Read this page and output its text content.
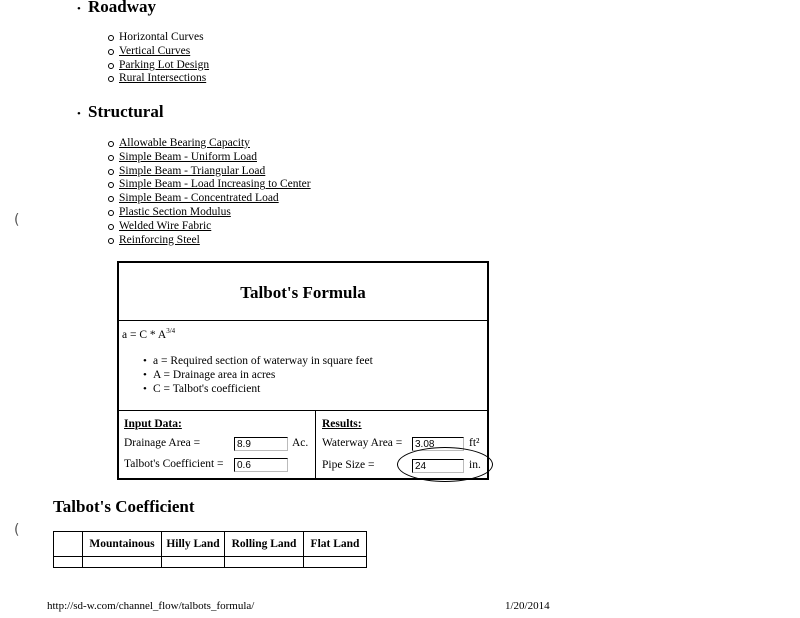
• Roadway
Horizontal Curves
Vertical Curves
Parking Lot Design
Rural Intersections
• Structural
Allowable Bearing Capacity
Simple Beam - Uniform Load
Simple Beam - Triangular Load
Simple Beam - Load Increasing to Center
Simple Beam - Concentrated Load
Plastic Section Modulus
Welded Wire Fabric
Reinforcing Steel
(
Talbot's Formula
$a = C * A^{3/4}$
• a = Required section of waterway in square feet
• A = Drainage area in acres
• C = Talbot's coefficient
Input Data:
Drainage Area =	8.9	Ac.
Talbot's Coefficient =	0.6
Results:
Waterway Area =	3.08	ft²
Pipe Size =	24	in.
Talbot's Coefficient
(
	Mountainous	Hilly Land	Rolling Land	Flat Land

http://sd-w.com/channel_flow/talbots_formula/	1/20/2014
